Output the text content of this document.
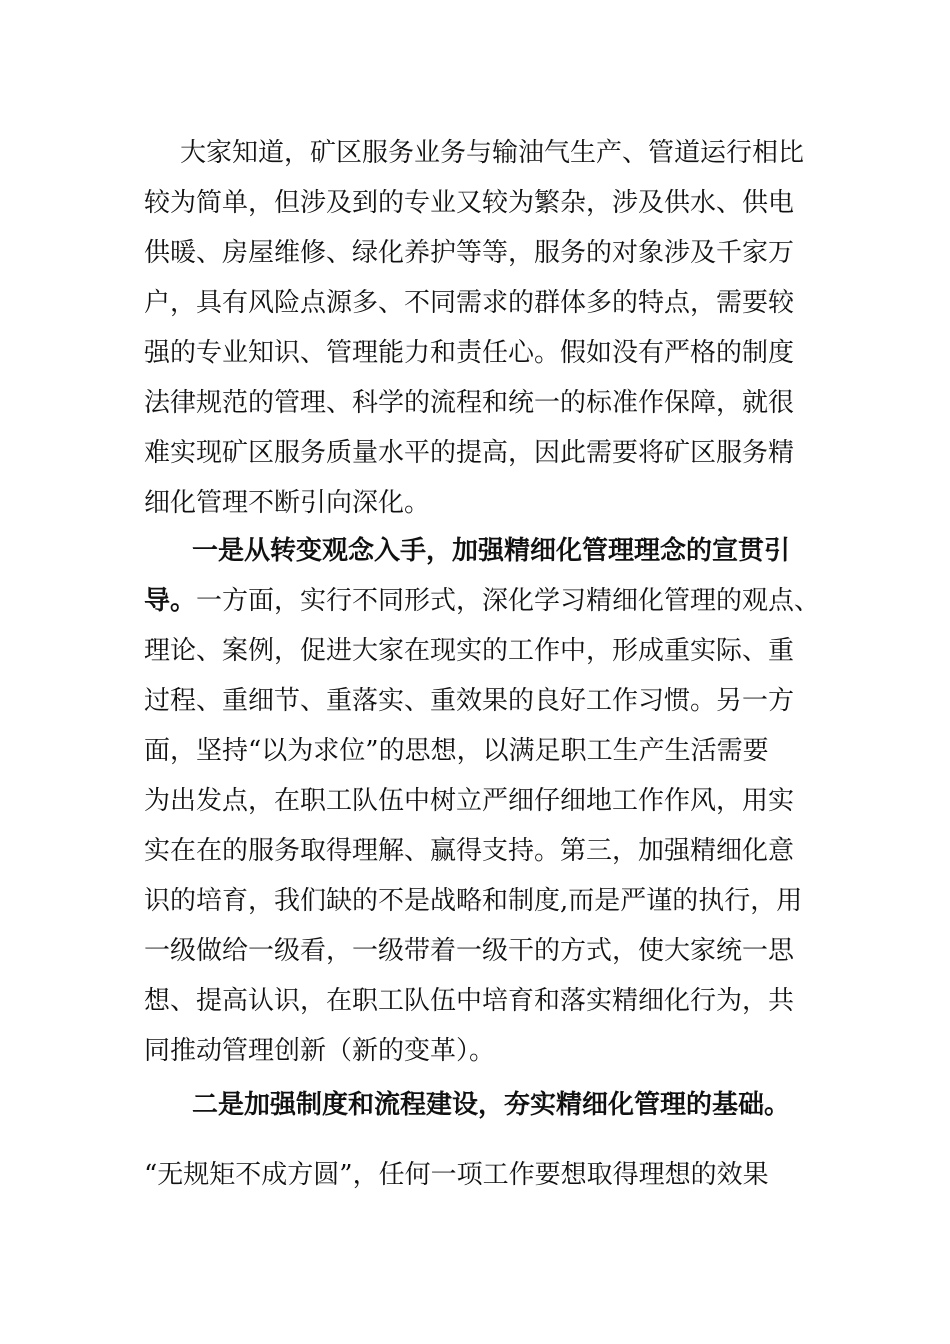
大家知道，矿区服务业务与输油气生产、管道运行相比
较为简单，但涉及到的专业又较为繁杂，涉及供水、供电
供暖、房屋维修、绿化养护等等，服务的对象涉及千家万
户，具有风险点源多、不同需求的群体多的特点，需要较
强的专业知识、管理能力和责任心。假如没有严格的制度
法律规范的管理、科学的流程和统一的标准作保障，就很
难实现矿区服务质量水平的提高，因此需要将矿区服务精
细化管理不断引向深化。
一是从转变观念入手，加强精细化管理理念的宣贯引
导。一方面，实行不同形式，深化学习精细化管理的观点、
理论、案例，促进大家在现实的工作中，形成重实际、重
过程、重细节、重落实、重效果的良好工作习惯。另一方
面，坚持“以为求位”的思想，以满足职工生产生活需要
为出发点，在职工队伍中树立严细仔细地工作作风，用实
实在在的服务取得理解、赢得支持。第三，加强精细化意
识的培育，我们缺的不是战略和制度,而是严谨的执行，用
一级做给一级看，一级带着一级干的方式，使大家统一思
想、提高认识，在职工队伍中培育和落实精细化行为，共
同推动管理创新（新的变革）。
二是加强制度和流程建设，夯实精细化管理的基础。
“无规矩不成方圆”，任何一项工作要想取得理想的效果
